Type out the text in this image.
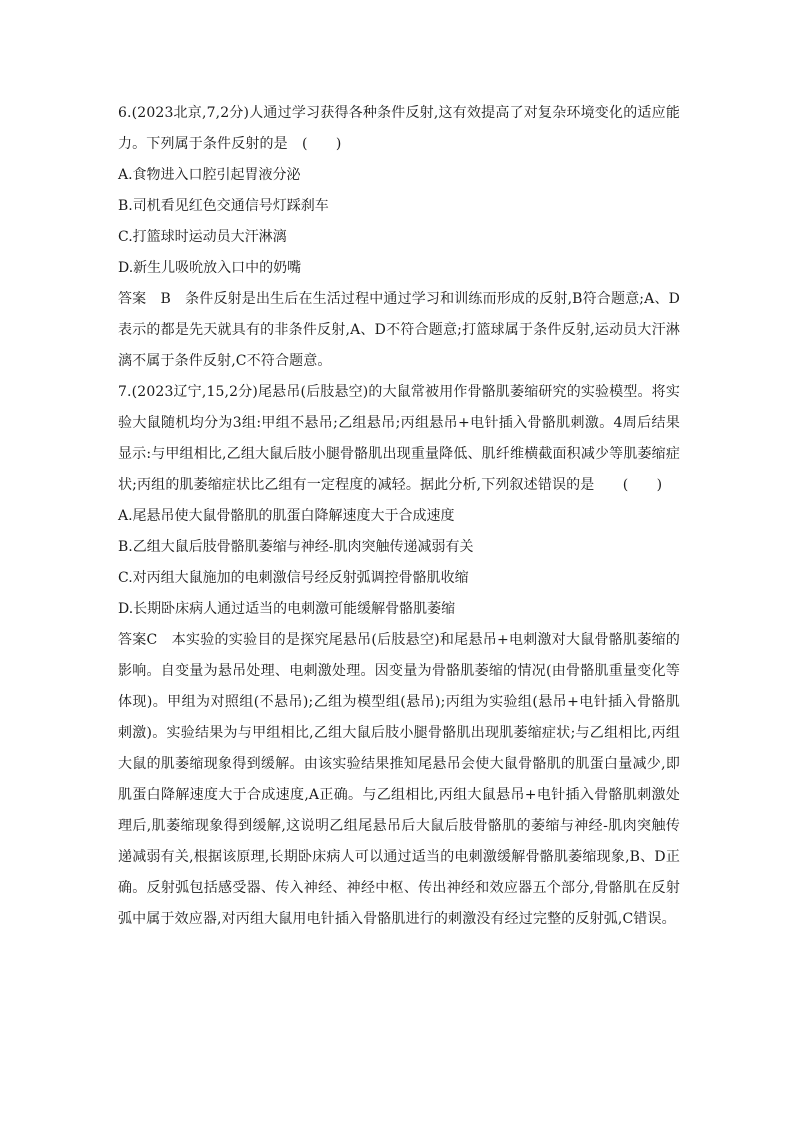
6.(2023北京,7,2分)人通过学习获得各种条件反射,这有效提高了对复杂环境变化的适应能力。下列属于条件反射的是　(　　)

A.食物进入口腔引起胃液分泌

B.司机看见红色交通信号灯踩刹车

C.打篮球时运动员大汗淋漓

D.新生儿吸吮放入口中的奶嘴

答案　B　条件反射是出生后在生活过程中通过学习和训练而形成的反射,B符合题意;A、D表示的都是先天就具有的非条件反射,A、D不符合题意;打篮球属于条件反射,运动员大汗淋漓不属于条件反射,C不符合题意。

7.(2023辽宁,15,2分)尾悬吊(后肢悬空)的大鼠常被用作骨骼肌萎缩研究的实验模型。将实验大鼠随机均分为3组:甲组不悬吊;乙组悬吊;丙组悬吊+电针插入骨骼肌刺激。4周后结果显示:与甲组相比,乙组大鼠后肢小腿骨骼肌出现重量降低、肌纤维横截面积减少等肌萎缩症状;丙组的肌萎缩症状比乙组有一定程度的减轻。据此分析,下列叙述错误的是　　(　　)

A.尾悬吊使大鼠骨骼肌的肌蛋白降解速度大于合成速度

B.乙组大鼠后肢骨骼肌萎缩与神经-肌肉突触传递减弱有关

C.对丙组大鼠施加的电刺激信号经反射弧调控骨骼肌收缩

D.长期卧床病人通过适当的电刺激可能缓解骨骼肌萎缩

答案C　本实验的实验目的是探究尾悬吊(后肢悬空)和尾悬吊+电刺激对大鼠骨骼肌萎缩的影响。自变量为悬吊处理、电刺激处理。因变量为骨骼肌萎缩的情况(由骨骼肌重量变化等体现)。甲组为对照组(不悬吊);乙组为模型组(悬吊);丙组为实验组(悬吊+电针插入骨骼肌刺激)。实验结果为与甲组相比,乙组大鼠后肢小腿骨骼肌出现肌萎缩症状;与乙组相比,丙组大鼠的肌萎缩现象得到缓解。由该实验结果推知尾悬吊会使大鼠骨骼肌的肌蛋白量减少,即肌蛋白降解速度大于合成速度,A正确。与乙组相比,丙组大鼠悬吊+电针插入骨骼肌刺激处理后,肌萎缩现象得到缓解,这说明乙组尾悬吊后大鼠后肢骨骼肌的萎缩与神经-肌肉突触传递减弱有关,根据该原理,长期卧床病人可以通过适当的电刺激缓解骨骼肌萎缩现象,B、D正确。反射弧包括感受器、传入神经、神经中枢、传出神经和效应器五个部分,骨骼肌在反射弧中属于效应器,对丙组大鼠用电针插入骨骼肌进行的刺激没有经过完整的反射弧,C错误。
